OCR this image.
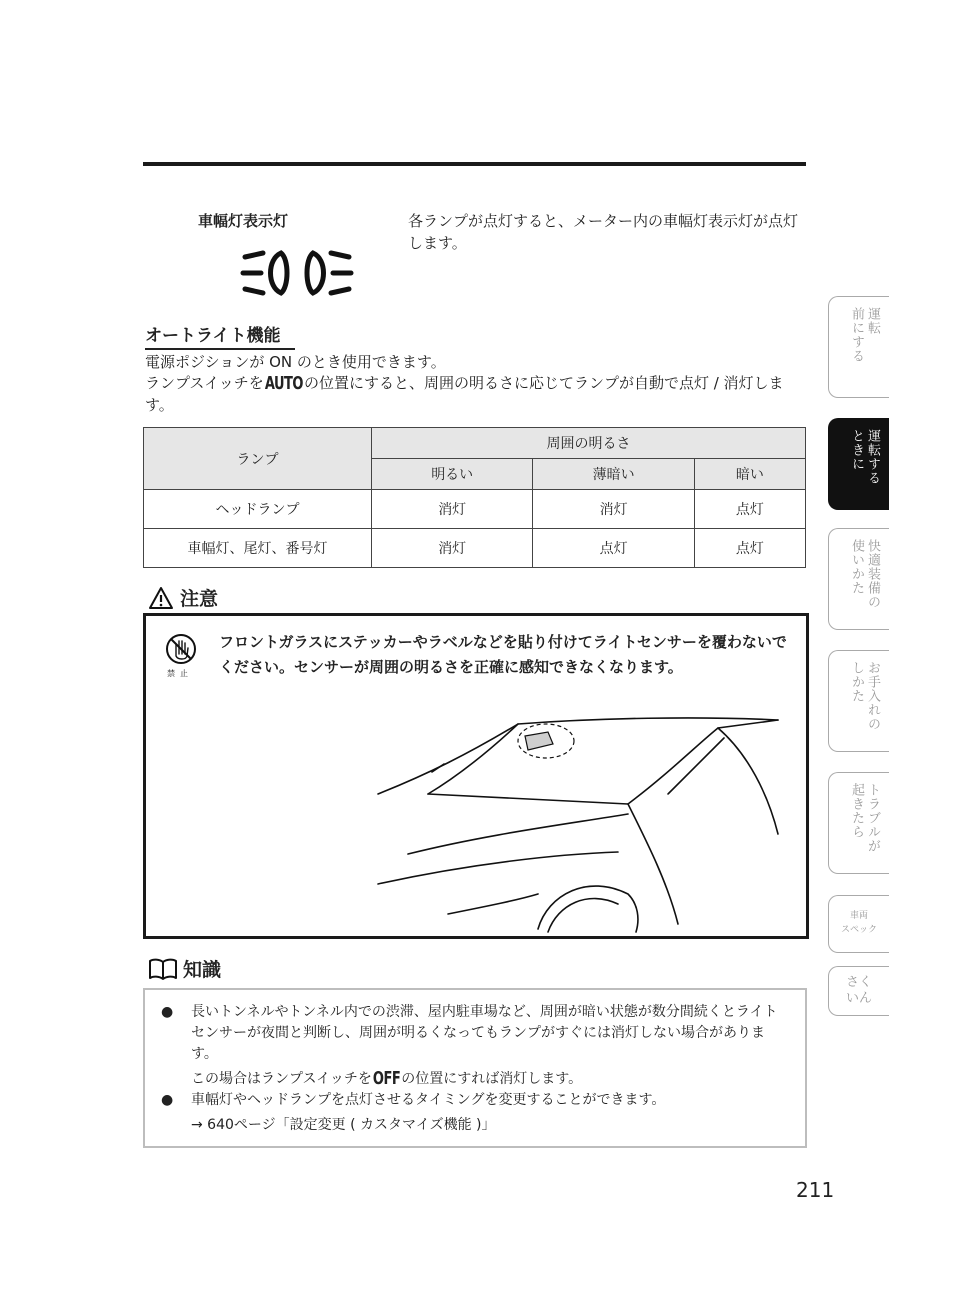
車幅灯表示灯	各ランプが点灯すると、メーター内の車幅灯表示灯が点灯します。
オートライト機能
電源ポジションが ON のとき使用できます。
ランプスイッチをAUTOの位置にすると、周囲の明るさに応じてランプが自動で点灯 / 消灯します。
ランプ	周囲の明るさ		
	明るい	薄暗い	暗い
ヘッドランプ	消灯	消灯	点灯
車幅灯、尾灯、番号灯	消灯	点灯	点灯
注意
禁止
フロントガラスにステッカーやラベルなどを貼り付けてライトセンサーを覆わないでください。センサーが周囲の明るさを正確に感知できなくなります。
知識
● 長いトンネルやトンネル内での渋滞、屋内駐車場など、周囲が暗い状態が数分間続くとライトセンサーが夜間と判断し、周囲が明るくなってもランプがすぐには消灯しない場合があります。
この場合はランプスイッチをOFFの位置にすれば消灯します。
● 車幅灯やヘッドランプを点灯させるタイミングを変更することができます。
→ 640ページ「設定変更 ( カスタマイズ機能 )」
211
運転
前にする
運転する
ときに
快適装備の
使いかた
お手入れの
しかた
トラブルが
起きたら
車両
スペック
さく
いん
